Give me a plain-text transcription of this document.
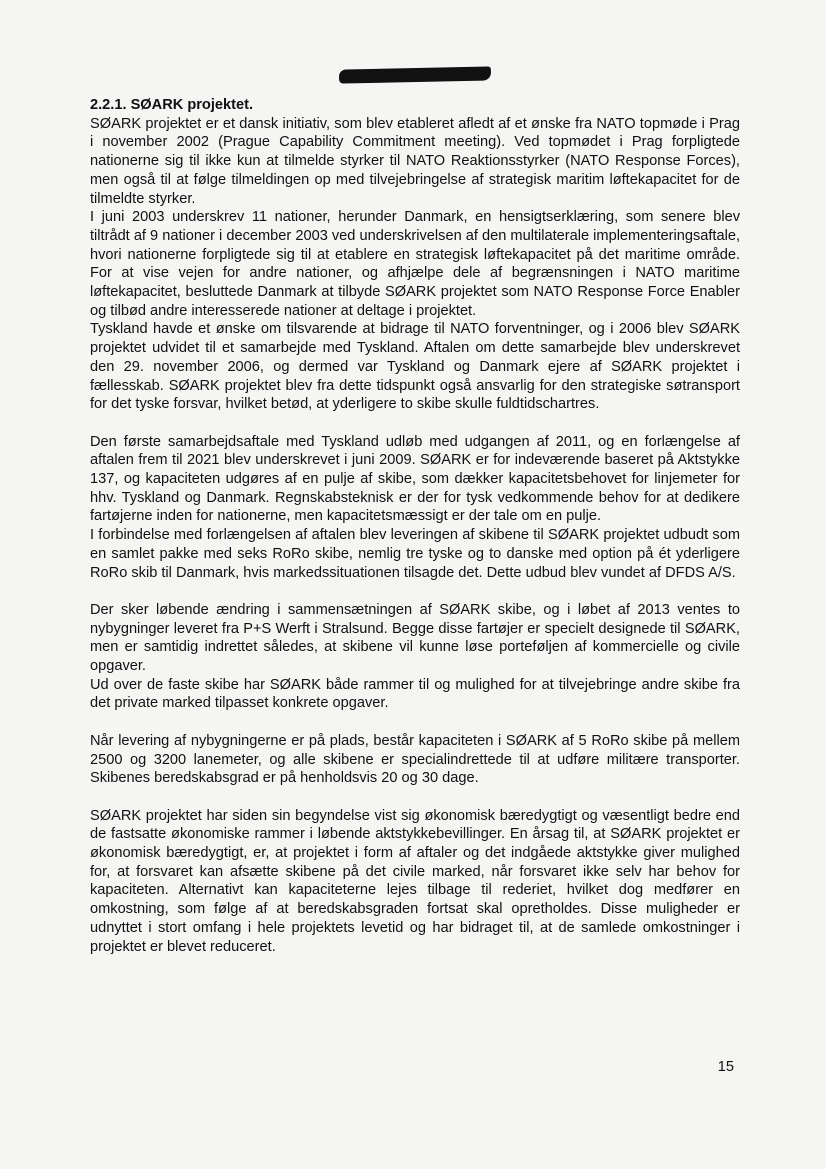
2.2.1. SØARK projektet.

SØARK projektet er et dansk initiativ, som blev etableret afledt af et ønske fra NATO topmøde i Prag i november 2002 (Prague Capability Commitment meeting). Ved topmødet i Prag forpligtede nationerne sig til ikke kun at tilmelde styrker til NATO Reaktionsstyrker (NATO Response Forces), men også til at følge tilmeldingen op med tilvejebringelse af strategisk maritim løftekapacitet for de tilmeldte styrker.

I juni 2003 underskrev 11 nationer, herunder Danmark, en hensigtserklæring, som senere blev tiltrådt af 9 nationer i december 2003 ved underskrivelsen af den multilaterale implementeringsaftale, hvori nationerne forpligtede sig til at etablere en strategisk løftekapacitet på det maritime område. For at vise vejen for andre nationer, og afhjælpe dele af begrænsningen i NATO maritime løftekapacitet, besluttede Danmark at tilbyde SØARK projektet som NATO Response Force Enabler og tilbød andre interesserede nationer at deltage i projektet.

Tyskland havde et ønske om tilsvarende at bidrage til NATO forventninger, og i 2006 blev SØARK projektet udvidet til et samarbejde med Tyskland. Aftalen om dette samarbejde blev underskrevet den 29. november 2006, og dermed var Tyskland og Danmark ejere af SØARK projektet i fællesskab. SØARK projektet blev fra dette tidspunkt også ansvarlig for den strategiske søtransport for det tyske forsvar, hvilket betød, at yderligere to skibe skulle fuldtidschartres.

Den første samarbejdsaftale med Tyskland udløb med udgangen af 2011, og en forlængelse af aftalen frem til 2021 blev underskrevet i juni 2009. SØARK er for indeværende baseret på Aktstykke 137, og kapaciteten udgøres af en pulje af skibe, som dækker kapacitetsbehovet for linjemeter for hhv. Tyskland og Danmark. Regnskabsteknisk er der for tysk vedkommende behov for at dedikere fartøjerne inden for nationerne, men kapacitetsmæssigt er der tale om en pulje.

I forbindelse med forlængelsen af aftalen blev leveringen af skibene til SØARK projektet udbudt som en samlet pakke med seks RoRo skibe, nemlig tre tyske og to danske med option på ét yderligere RoRo skib til Danmark, hvis markedssituationen tilsagde det. Dette udbud blev vundet af DFDS A/S.

Der sker løbende ændring i sammensætningen af SØARK skibe, og i løbet af 2013 ventes to nybygninger leveret fra P+S Werft i Stralsund. Begge disse fartøjer er specielt designede til SØARK, men er samtidig indrettet således, at skibene vil kunne løse porteføljen af kommercielle og civile opgaver.

Ud over de faste skibe har SØARK både rammer til og mulighed for at tilvejebringe andre skibe fra det private marked tilpasset konkrete opgaver.

Når levering af nybygningerne er på plads, består kapaciteten i SØARK af 5 RoRo skibe på mellem 2500 og 3200 lanemeter, og alle skibene er specialindrettede til at udføre militære transporter. Skibenes beredskabsgrad er på henholdsvis 20 og 30 dage.

SØARK projektet har siden sin begyndelse vist sig økonomisk bæredygtigt og væsentligt bedre end de fastsatte økonomiske rammer i løbende aktstykkebevillinger. En årsag til, at SØARK projektet er økonomisk bæredygtigt, er, at projektet i form af aftaler og det indgåede aktstykke giver mulighed for, at forsvaret kan afsætte skibene på det civile marked, når forsvaret ikke selv har behov for kapaciteten. Alternativt kan kapaciteterne lejes tilbage til rederiet, hvilket dog medfører en omkostning, som følge af at beredskabsgraden fortsat skal opretholdes. Disse muligheder er udnyttet i stort omfang i hele projektets levetid og har bidraget til, at de samlede omkostninger i projektet er blevet reduceret.

15
